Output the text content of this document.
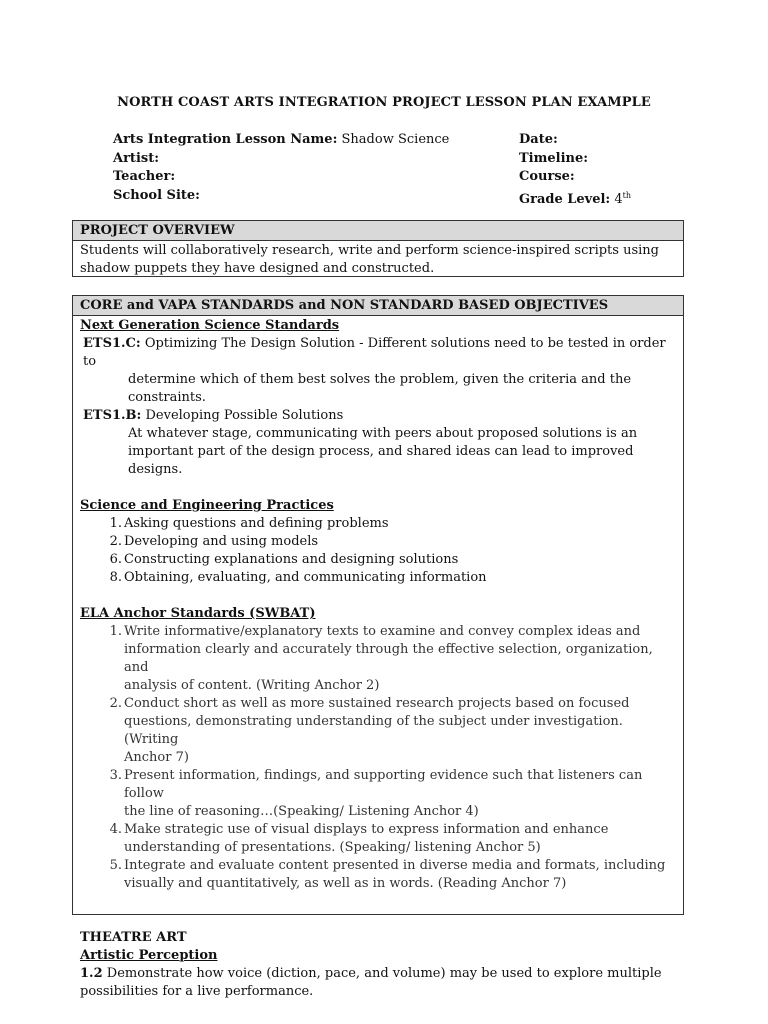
NORTH COAST ARTS INTEGRATION PROJECT LESSON PLAN EXAMPLE
Arts Integration Lesson Name: Shadow Science
Artist:
Teacher:
School Site:
Date:
Timeline:
Course:
Grade Level: 4th
PROJECT OVERVIEW
Students will collaboratively research, write and perform science-inspired scripts using
shadow puppets they have designed and constructed.
CORE and VAPA STANDARDS and NON STANDARD BASED OBJECTIVES
Next Generation Science Standards
ETS1.C: Optimizing The Design Solution - Different solutions need to be tested in order to
determine which of them best solves the problem, given the criteria and the
constraints.
ETS1.B: Developing Possible Solutions
At whatever stage, communicating with peers about proposed solutions is an
important part of the design process, and shared ideas can lead to improved designs.
Science and Engineering Practices
1. Asking questions and defining problems
2. Developing and using models
6. Constructing explanations and designing solutions
8. Obtaining, evaluating, and communicating information
ELA Anchor Standards (SWBAT)
1. Write informative/explanatory texts to examine and convey complex ideas and
information clearly and accurately through the effective selection, organization, and
analysis of content. (Writing Anchor 2)
2. Conduct short as well as more sustained research projects based on focused
questions, demonstrating understanding of the subject under investigation. (Writing
Anchor 7)
3. Present information, findings, and supporting evidence such that listeners can follow
the line of reasoning…(Speaking/ Listening Anchor 4)
4. Make strategic use of visual displays to express information and enhance
understanding of presentations. (Speaking/ listening Anchor 5)
5. Integrate and evaluate content presented in diverse media and formats, including
visually and quantitatively, as well as in words. (Reading Anchor 7)
THEATRE ART
Artistic Perception
1.2 Demonstrate how voice (diction, pace, and volume) may be used to explore multiple
possibilities for a live performance.
